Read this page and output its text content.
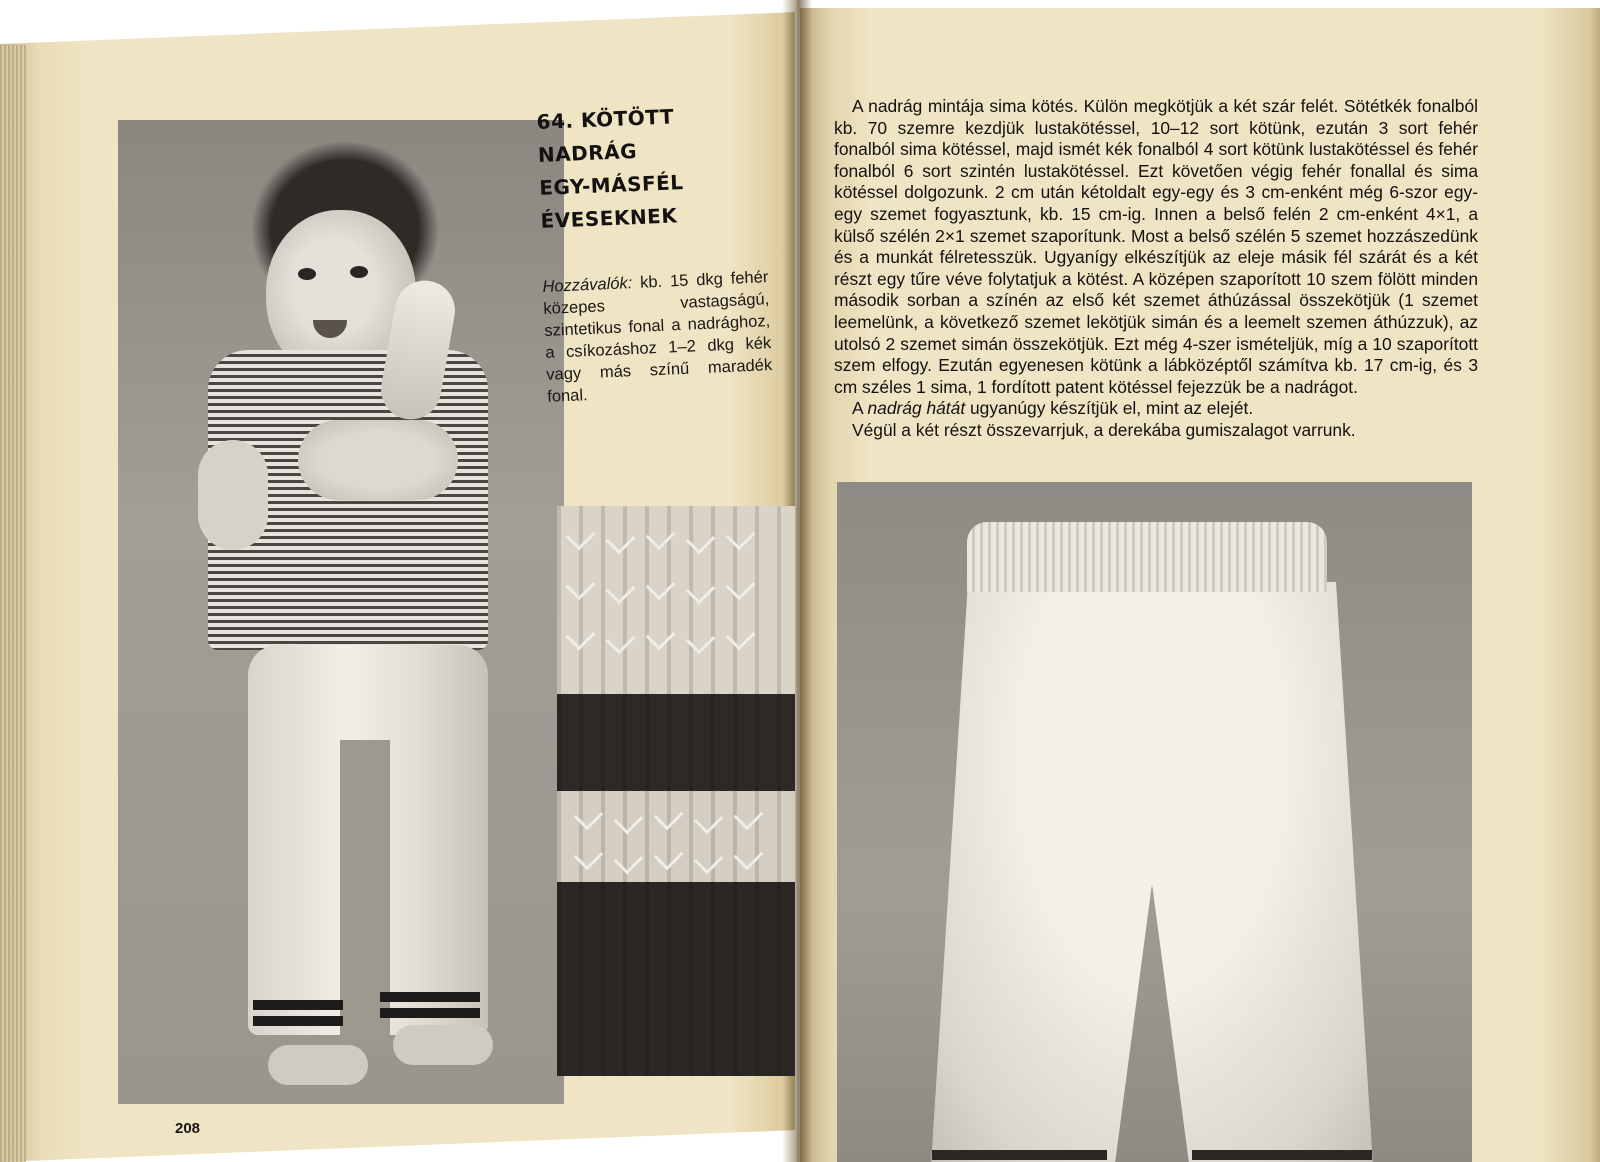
64. KÖTÖTT
NADRÁG
EGY-MÁSFÉL
ÉVESEKNEK

Hozzávalók: kb. 15 dkg fehér közepes vastagságú, szintetikus fonal a nadrághoz, a csíkozáshoz 1–2 dkg kék vagy más színű maradék fonal.

208

A nadrág mintája sima kötés. Külön megkötjük a két szár felét. Sötétkék fonalból kb. 70 szemre kezdjük lustakötéssel, 10–12 sort kötünk, ezután 3 sort fehér fonalból sima kötéssel, majd ismét kék fonalból 4 sort kötünk lustakötéssel és fehér fonalból 6 sort szintén lustakötéssel. Ezt követően végig fehér fonallal és sima kötéssel dolgozunk. 2 cm után kétoldalt egy-egy és 3 cm-enként még 6-szor egy-egy szemet fogyasztunk, kb. 15 cm-ig. Innen a belső felén 2 cm-enként 4×1, a külső szélén 2×1 szemet szaporítunk. Most a belső szélén 5 szemet hozzászedünk és a munkát félretesszük. Ugyanígy elkészítjük az eleje másik fél szárát és a két részt egy tűre véve folytatjuk a kötést. A középen szaporított 10 szem fölött minden második sorban a színén az első két szemet áthúzással összekötjük (1 szemet leemelünk, a következő szemet lekötjük simán és a leemelt szemen áthúzzuk), az utolsó 2 szemet simán összekötjük. Ezt még 4-szer ismételjük, míg a 10 szaporított szem elfogy. Ezután egyenesen kötünk a lábközéptől számítva kb. 17 cm-ig, és 3 cm széles 1 sima, 1 fordított patent kötéssel fejezzük be a nadrágot.

A nadrág hátát ugyanúgy készítjük el, mint az elejét.

Végül a két részt összevarrjuk, a derekába gumiszalagot varrunk.
